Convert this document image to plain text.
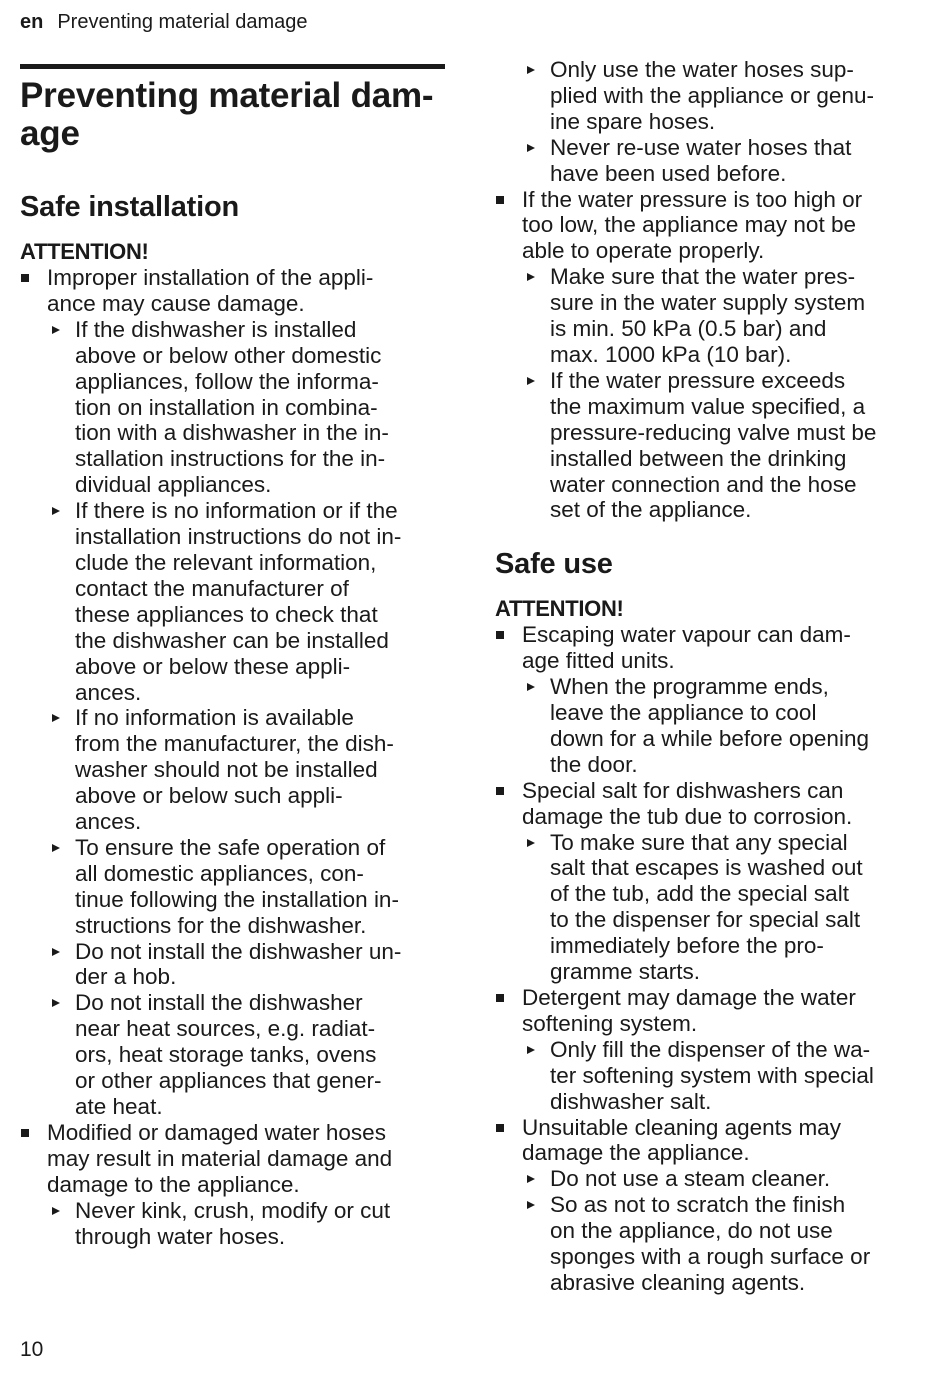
en Preventing material damage
Preventing material dam-
age
Safe installation
ATTENTION!
Improper installation of the appli-
ance may cause damage.
If the dishwasher is installed
above or below other domestic
appliances, follow the informa-
tion on installation in combina-
tion with a dishwasher in the in-
stallation instructions for the in-
dividual appliances.
If there is no information or if the
installation instructions do not in-
clude the relevant information,
contact the manufacturer of
these appliances to check that
the dishwasher can be installed
above or below these appli-
ances.
If no information is available
from the manufacturer, the dish-
washer should not be installed
above or below such appli-
ances.
To ensure the safe operation of
all domestic appliances, con-
tinue following the installation in-
structions for the dishwasher.
Do not install the dishwasher un-
der a hob.
Do not install the dishwasher
near heat sources, e.g. radiat-
ors, heat storage tanks, ovens
or other appliances that gener-
ate heat.
Modified or damaged water hoses
may result in material damage and
damage to the appliance.
Never kink, crush, modify or cut
through water hoses.
Only use the water hoses sup-
plied with the appliance or genu-
ine spare hoses.
Never re-use water hoses that
have been used before.
If the water pressure is too high or
too low, the appliance may not be
able to operate properly.
Make sure that the water pres-
sure in the water supply system
is min. 50 kPa (0.5 bar) and
max. 1000 kPa (10 bar).
If the water pressure exceeds
the maximum value specified, a
pressure-reducing valve must be
installed between the drinking
water connection and the hose
set of the appliance.
Safe use
ATTENTION!
Escaping water vapour can dam-
age fitted units.
When the programme ends,
leave the appliance to cool
down for a while before opening
the door.
Special salt for dishwashers can
damage the tub due to corrosion.
To make sure that any special
salt that escapes is washed out
of the tub, add the special salt
to the dispenser for special salt
immediately before the pro-
gramme starts.
Detergent may damage the water
softening system.
Only fill the dispenser of the wa-
ter softening system with special
dishwasher salt.
Unsuitable cleaning agents may
damage the appliance.
Do not use a steam cleaner.
So as not to scratch the finish
on the appliance, do not use
sponges with a rough surface or
abrasive cleaning agents.
10
